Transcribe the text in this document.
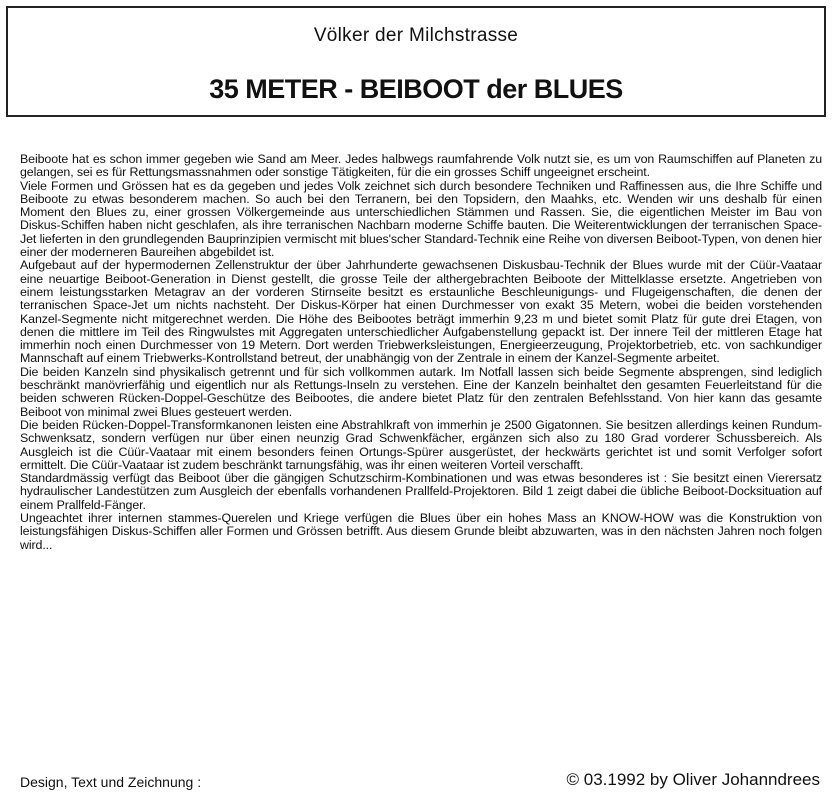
Völker der Milchstrasse
35 METER - BEIBOOT der BLUES

Beiboote hat es schon immer gegeben wie Sand am Meer. Jedes halbwegs raumfahrende Volk nutzt sie, es um von Raumschiffen auf Planeten zu gelangen, sei es für Rettungsmassnahmen oder sonstige Tätigkeiten, für die ein grosses Schiff ungeeignet erscheint.

Viele Formen und Grössen hat es da gegeben und jedes Volk zeichnet sich durch besondere Techniken und Raffinessen aus, die Ihre Schiffe und Beiboote zu etwas besonderem machen. So auch bei den Terranern, bei den Topsidern, den Maahks, etc. Wenden wir uns deshalb für einen Moment den Blues zu, einer grossen Völkergemeinde aus unterschiedlichen Stämmen und Rassen. Sie, die eigentlichen Meister im Bau von Diskus-Schiffen haben nicht geschlafen, als ihre terranischen Nachbarn moderne Schiffe bauten. Die Weiterentwicklungen der terranischen Space-Jet lieferten in den grundlegenden Bauprinzipien vermischt mit blues'scher Standard-Technik eine Reihe von diversen Beiboot-Typen, von denen hier einer der moderneren Baureihen abgebildet ist.

Aufgebaut auf der hypermodernen Zellenstruktur der über Jahrhunderte gewachsenen Diskusbau-Technik der Blues wurde mit der Cüür-Vaataar eine neuartige Beiboot-Generation in Dienst gestellt, die grosse Teile der althergebrachten Beiboote der Mittelklasse ersetzte. Angetrieben von einem leistungsstarken Metagrav an der vorderen Stirnseite besitzt es erstaunliche Beschleunigungs- und Flugeigenschaften, die denen der terranischen Space-Jet um nichts nachsteht. Der Diskus-Körper hat einen Durchmesser von exakt 35 Metern, wobei die beiden vorstehenden Kanzel-Segmente nicht mitgerechnet werden. Die Höhe des Beibootes beträgt immerhin 9,23 m und bietet somit Platz für gute drei Etagen, von denen die mittlere im Teil des Ringwulstes mit Aggregaten unterschiedlicher Aufgabenstellung gepackt ist. Der innere Teil der mittleren Etage hat immerhin noch einen Durchmesser von 19 Metern. Dort werden Triebwerksleistungen, Energieerzeugung, Projektorbetrieb, etc. von sachkundiger Mannschaft auf einem Triebwerks-Kontrollstand betreut, der unabhängig von der Zentrale in einem der Kanzel-Segmente arbeitet.

Die beiden Kanzeln sind physikalisch getrennt und für sich vollkommen autark. Im Notfall lassen sich beide Segmente absprengen, sind lediglich beschränkt manövrierfähig und eigentlich nur als Rettungs-Inseln zu verstehen. Eine der Kanzeln beinhaltet den gesamten Feuerleitstand für die beiden schweren Rücken-Doppel-Geschütze des Beibootes, die andere bietet Platz für den zentralen Befehlsstand. Von hier kann das gesamte Beiboot von minimal zwei Blues gesteuert werden.

Die beiden Rücken-Doppel-Transformkanonen leisten eine Abstrahlkraft von immerhin je 2500 Gigatonnen. Sie besitzen allerdings keinen Rundum-Schwenksatz, sondern verfügen nur über einen neunzig Grad Schwenkfächer, ergänzen sich also zu 180 Grad vorderer Schussbereich. Als Ausgleich ist die Cüür-Vaataar mit einem besonders feinen Ortungs-Spürer ausgerüstet, der heckwärts gerichtet ist und somit Verfolger sofort ermittelt. Die Cüür-Vaataar ist zudem beschränkt tarnungsfähig, was ihr einen weiteren Vorteil verschafft.

Standardmässig verfügt das Beiboot über die gängigen Schutzschirm-Kombinationen und was etwas besonderes ist : Sie besitzt einen Vierersatz hydraulischer Landestützen zum Ausgleich der ebenfalls vorhandenen Prallfeld-Projektoren. Bild 1 zeigt dabei die übliche Beiboot-Docksituation auf einem Prallfeld-Fänger.

Ungeachtet ihrer internen stammes-Querelen und Kriege verfügen die Blues über ein hohes Mass an KNOW-HOW was die Konstruktion von leistungsfähigen Diskus-Schiffen aller Formen und Grössen betrifft. Aus diesem Grunde bleibt abzuwarten, was in den nächsten Jahren noch folgen wird...

Design, Text und Zeichnung :	© 03.1992 by Oliver Johanndrees
